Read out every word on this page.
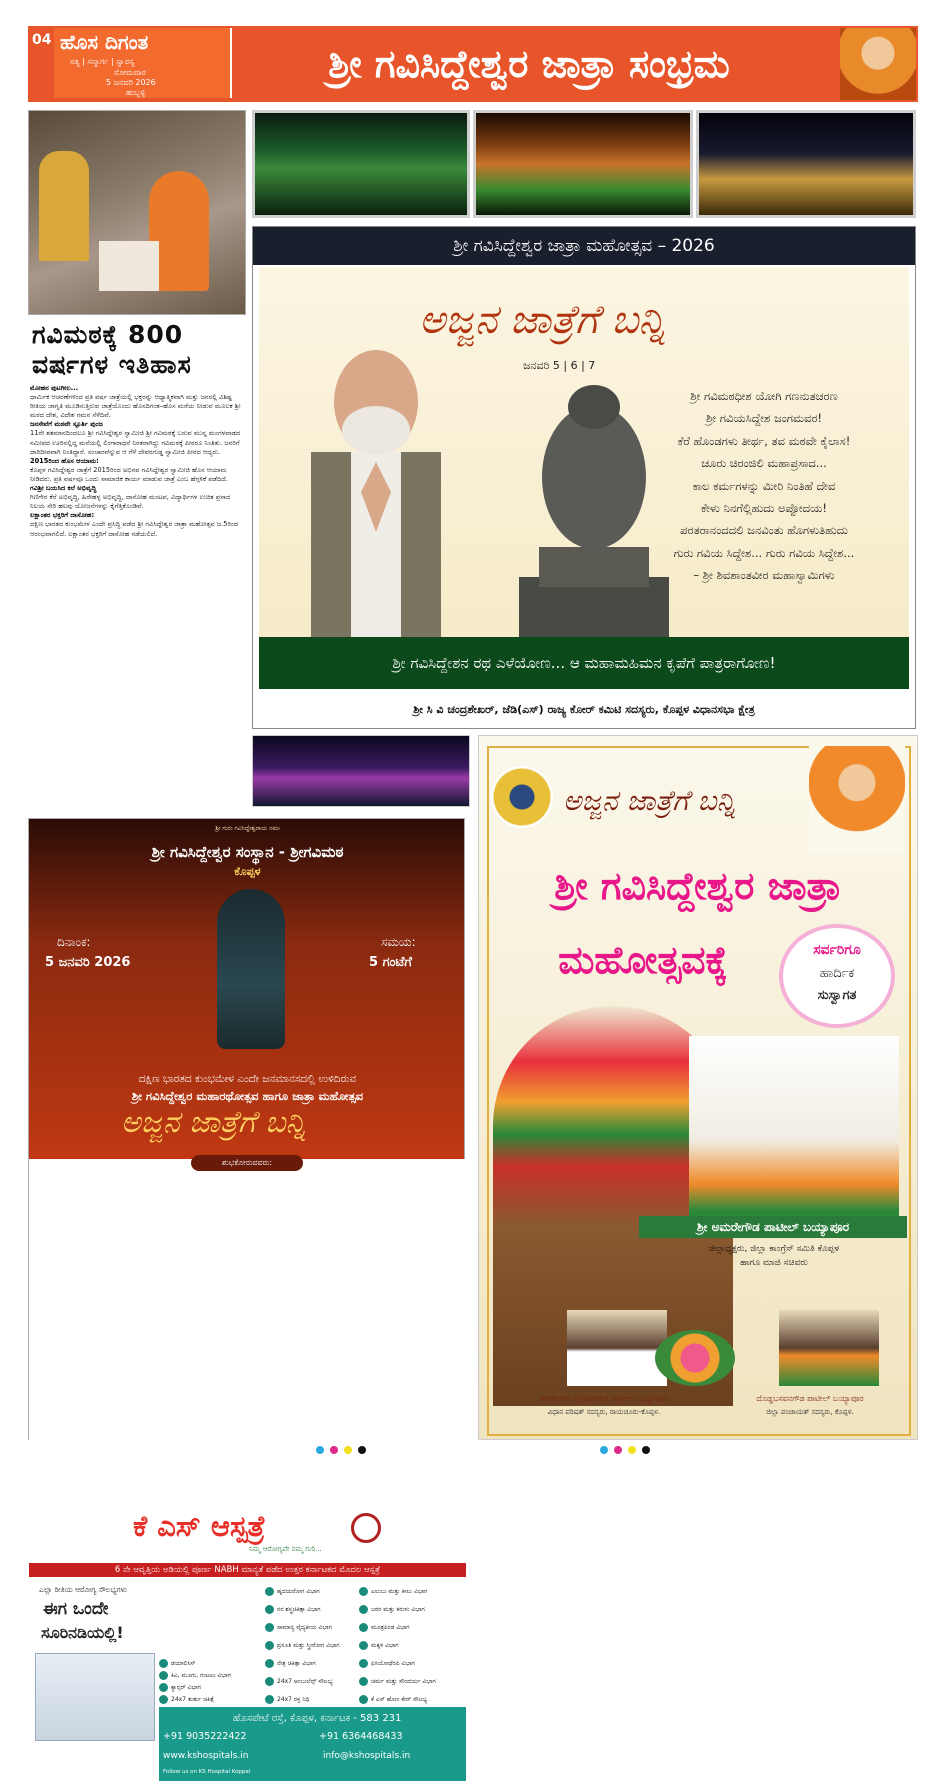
04 ಹೊಸ ದಿಗಂತ
ಸತ್ಯ | ಸನ್ಮಾರ್ಗ | ಸ್ವಾರಸ್ಯ
ಸೋಮವಾರ
5 ಜನವರಿ 2026
ಹುಬ್ಬಳ್ಳಿ
ಶ್ರೀ ಗವಿಸಿದ್ದೇಶ್ವರ ಜಾತ್ರಾ ಸಂಭ್ರಮ
ಶ್ರೀ ಗವಿಸಿದ್ದೇಶ್ವರ ಜಾತ್ರಾ ಮಹೋತ್ಸವ – 2026
ಅಜ್ಜನ ಜಾತ್ರೆಗೆ ಬನ್ನಿ
ಜನವರಿ 5 | 6 | 7
ಶ್ರೀ ಗವಿಮಠಧೀಶ ಯೋಗಿ ಗಣನುತಚರಣ
ಶ್ರೀ ಗವಿಯಸಿದ್ದೇಶ ಜಂಗಮವರ!
ಕೆರೆ ಹೊಂಡಗಳು ತೀರ್ಥ, ತವ ಮಠವೇ ಕೈಲಾಸ!
ಚೂರು ಚಿರಂಜಿಲಿ ಮಹಾಪ್ರಸಾದ...
ಕಾಲ ಕರ್ಮಗಳನ್ನು ಮೀರಿ ನಿಂತಿಹೆ ದೇವ
ಕೇಳು ನಿನಗೆಲ್ಲಿಹುದು ಅಪ್ಪೋದಯ!
ಪರತರಾನಂದದಲಿ ಜನವಿಂತು ಹೊಗಳುತಿಹುದು
ಗುರು ಗವಿಯ ಸಿದ್ದೇಶ... ಗುರು ಗವಿಯ ಸಿದ್ದೇಶ...
– ಶ್ರೀ ಶಿವಶಾಂತವೀರ ಮಹಾಸ್ವಾಮಿಗಳು
ಶ್ರೀ ಗವಿಸಿದ್ದೇಶನ ರಥ ಎಳೆಯೋಣ... ಆ ಮಹಾಮಹಿಮನ ಕೃಪೆಗೆ ಪಾತ್ರರಾಗೋಣ!
ಶ್ರೀ ಸಿ ವಿ ಚಂದ್ರಶೇಖರ್, ಜೆಡಿ(ಎಸ್) ರಾಜ್ಯ ಕೋರ್ ಕಮಿಟಿ ಸದಸ್ಯರು, ಕೊಪ್ಪಳ ವಿಧಾನಸಭಾ ಕ್ಷೇತ್ರ
ಗವಿಮಠಕ್ಕೆ 800
ವರ್ಷಗಳ ಇತಿಹಾಸ

ಮೋಹನ ಪುಟಗೀಲ...

ಧಾರ್ಮಿಕ ಆಚರಣೆಗಳಿಂದ ಪ್ರತಿ ವರ್ಷ ಜಾತ್ರೆಯಲ್ಲಿ ಭಕ್ತರನ್ನು ಆಧ್ಯಾತ್ಮಿಕವಾಗಿ ಮತ್ತು ಜನರಲ್ಲಿ ವಿಶಿಷ್ಟ ರೀತಿಯ ಜಾಗೃತಿ ಮೂಡಿಸುತ್ತಿರುವ ಜಾತ್ರೆಯೊಂದು ಹೊಸದಿಗಂತ–ಹೊಸ ಮರೆಯ ನೀಡುವ ಮೂಲಕ ಶ್ರೀ ಮಠದ ದೇಶ, ವಿದೇಶ ಗಮನ ಸೆಳೆದಿವೆ.

ಜನಸೇವೆಗೆ ಮಠವೇ ಸ್ಪೂರ್ತಿ ಪುಂಜ

11ನೇ ಶತಮಾನದಿಂದಲೂ ಶ್ರೀ ಗವಿಸಿದ್ದೇಶ್ವರ ಸ್ವಾಮೀಜಿ ಶ್ರೀ ಗವಿಮಠಕ್ಕೆ ಬರುವ ಮುನ್ನ ಮಂಗಳವಾಡದ ಸಮೀಪದ ಊರಿನಲ್ಲಿದ್ದ ಮನೆಯಲ್ಲಿ ಲಿಂಗಾರಾಧನೆ ನಿರತರಾಗಿದ್ದು ಗವಿಮಠಕ್ಕೆ ಪೀಠರೂ ನಿಂತಿತು. ಜನರಿಗೆ ದಾರಿದೀಪವಾಗಿ ನಿಂತಿದ್ದಾರೆ. ಸಂಚಾರವೆನ್ನುವ ಆ ಗೆಳೆ ದೇವರಗುಡ್ಡ ಸ್ವಾಮೀಜಿ ಪೀಠದ ಆದ್ಯರು.

2015ರಿಂದ ಹೊಸ ಆಯಾಮ:

ಕೊಪ್ಪಳ ಗವಿಸಿದ್ದೇಶ್ವರ ಜಾತ್ರೆಗೆ 2015ರಿಂದ ಅಭಿನವ ಗವಿಸಿದ್ದೇಶ್ವರ ಸ್ವಾಮೀಜಿ ಹೊಸ ಆಯಾಮ ನೀಡಿದರು. ಪ್ರತಿ ವರ್ಷವೂ ಒಂದು ಸಾಮಾಜಿಕ ಕಾರ್ಯ ಮಾಡುವ ಜಾತ್ರೆ ಎಂಬ ಹೆಗ್ಗಳಿಕೆ ಪಡೆದಿದೆ.

ಗವಿಶ್ರೀ ಬಯಸಿದ ಕಲೆ ಅಭಿವೃದ್ಧಿ

ಗಿಣಿಗೇರ ಕೆರೆ ಅಭಿವೃದ್ಧಿ, ಹಿರೇಹಳ್ಳ ಅಭಿವೃದ್ಧಿ, ದಾಸೋಹ ಮಂಟಪ, ವಿದ್ಯಾರ್ಥಿಗಳ ಉಚಿತ ಪ್ರಸಾದ ನಿಲಯ ಸೇರಿ ಹಲವು ಯೋಜನೆಗಳನ್ನು ಕೈಗೆತ್ತಿಕೊಂಡಿವೆ.

ಲಕ್ಷಾಂತರ ಭಕ್ತರಿಗೆ ದಾಸೋಹ:

ದಕ್ಷಿಣ ಭಾರತದ ಕುಂಭಮೇಳ ಎಂದೇ ಪ್ರಸಿದ್ಧಿ ಪಡೆದ ಶ್ರೀ ಗವಿಸಿದ್ದೇಶ್ವರ ಜಾತ್ರಾ ಮಹೋತ್ಸವ ಜ.5ರಿಂದ ಆರಂಭವಾಗಲಿದೆ. ಲಕ್ಷಾಂತರ ಭಕ್ತರಿಗೆ ದಾಸೋಹ ನಡೆಯಲಿದೆ.

ಶ್ರೀ ಗುರು ಗವಿಸಿದ್ದೇಶ್ವರಾಯ ನಮಃ
ಶ್ರೀ ಗವಿಸಿದ್ದೇಶ್ವರ ಸಂಸ್ಥಾನ - ಶ್ರೀಗವಿಮಠ
ಕೊಪ್ಪಳ
ದಿನಾಂಕ:
5 ಜನವರಿ 2026
ಸಮಯ:
5 ಗಂಟೆಗೆ
ದಕ್ಷಿಣ ಭಾರತದ ಕುಂಭಮೇಳ ಎಂದೇ ಜನಮಾನಸದಲ್ಲಿ ಉಳಿದಿರುವ
ಶ್ರೀ ಗವಿಸಿದ್ದೇಶ್ವರ ಮಹಾರಥೋತ್ಸವ ಹಾಗೂ ಜಾತ್ರಾ ಮಹೋತ್ಸವ
ಅಜ್ಜನ ಜಾತ್ರೆಗೆ ಬನ್ನಿ
ಕೆ ಎಸ್ ಆಸ್ಪತ್ರೆ
ನಿಮ್ಮ ಆರೋಗ್ಯವೇ ನಮ್ಮ ಗುರಿ...
6 ನೇ ಆವೃತ್ತಿಯ ಅಡಿಯಲ್ಲಿ ಪೂರ್ಣ NABH ಮಾನ್ಯತೆ ಪಡೆದ ಉತ್ತರ ಕರ್ನಾಟಕದ ಮೊದಲ ಆಸ್ಪತ್ರೆ
ಎಲ್ಲಾ ರೀತಿಯ ಆರೋಗ್ಯ ಸೌಲಭ್ಯಗಳು
ಈಗ ಒಂದೇ
ಸೂರಿನಡಿಯಲ್ಲಿ!
ಹೃದಯರೋಗ ವಿಭಾಗ
ನರ ಶಸ್ತ್ರಚಿಕಿತ್ಸಾ ವಿಭಾಗ
ಸಾಮಾನ್ಯ ವೈದ್ಯಕೀಯ ವಿಭಾಗ
ಪ್ರಸೂತಿ ಮತ್ತು ಸ್ತ್ರೀರೋಗ ವಿಭಾಗ
ನೇತ್ರ ಚಿಕಿತ್ಸಾ ವಿಭಾಗ
24x7 ಆಂಬುಲೆನ್ಸ್ ಸೌಲಭ್ಯ
ಎಲುಬು ಮತ್ತು ಕೀಲು ವಿಭಾಗ
ಜಠರ ಮತ್ತು ಕರುಳು ವಿಭಾಗ
ಮೂತ್ರಪಿಂಡ ವಿಭಾಗ
ಮಕ್ಕಳ ವಿಭಾಗ
ಫಿಸಿಯೋಥೆರಪಿ ವಿಭಾಗ
ಚರ್ಮ ಮತ್ತು ಸೌಂದರ್ಯ ವಿಭಾಗ
ಡಯಾಲಿಸಿಸ್
ಕಿವಿ, ಮೂಗು, ಗಂಟಲು ವಿಭಾಗ
ಕ್ಯಾನ್ಸರ್ ವಿಭಾಗ
24x7 ತುರ್ತು ಚಿಕಿತ್ಸೆ	24x7 ರಕ್ತ ನಿಧಿ	ಕೆ ಎಸ್ ಹೋಂ ಕೇರ್ ಸೌಲಭ್ಯ
ಹೊಸಪೇಟೆ ರಸ್ತೆ, ಕೊಪ್ಪಳ, ಕರ್ನಾಟಕ - 583 231
+91 9035222422	+91 6364468433
www.kshospitals.in	info@kshospitals.in
Follow us on KS Hospital Koppal
ಶುಭಕೋರುವವರು:
ಅಜ್ಜನ ಜಾತ್ರೆಗೆ ಬನ್ನಿ
ಶ್ರೀ ಗವಿಸಿದ್ದೇಶ್ವರ ಜಾತ್ರಾ
ಮಹೋತ್ಸವಕ್ಕೆ	ಸರ್ವರಿಗೂ
ಹಾರ್ದಿಕ
ಸುಸ್ವಾಗತ
ಶ್ರೀ ಅಮರೇಗೌಡ ಪಾಟೀಲ್ ಬಯ್ಯಾಪೂರ
ಜಿಲ್ಲಾಧ್ಯಕ್ಷರು, ಜಿಲ್ಲಾ ಕಾಂಗ್ರೆಸ್ ಸಮಿತಿ ಕೊಪ್ಪಳ
ಹಾಗೂ ಮಾಜಿ ಸಚಿವರು
ಶರಣೇಗೌಡ ಅನ್ನದಾನಗೌಡ ಪಾಟೀಲ್ ಬಯ್ಯಾಪೂರ
ವಿಧಾನ ಪರಿಷತ್ ಸದಸ್ಯರು, ರಾಯಚೂರು-ಕೊಪ್ಪಳ.
ದೊಡ್ಡಬಸವನಗೌಡ ಪಾಟೀಲ್ ಬಯ್ಯಾಪೂರ
ಜಿಲ್ಲಾ ಪಂಚಾಯತ್ ಸದಸ್ಯರು, ಕೊಪ್ಪಳ.
